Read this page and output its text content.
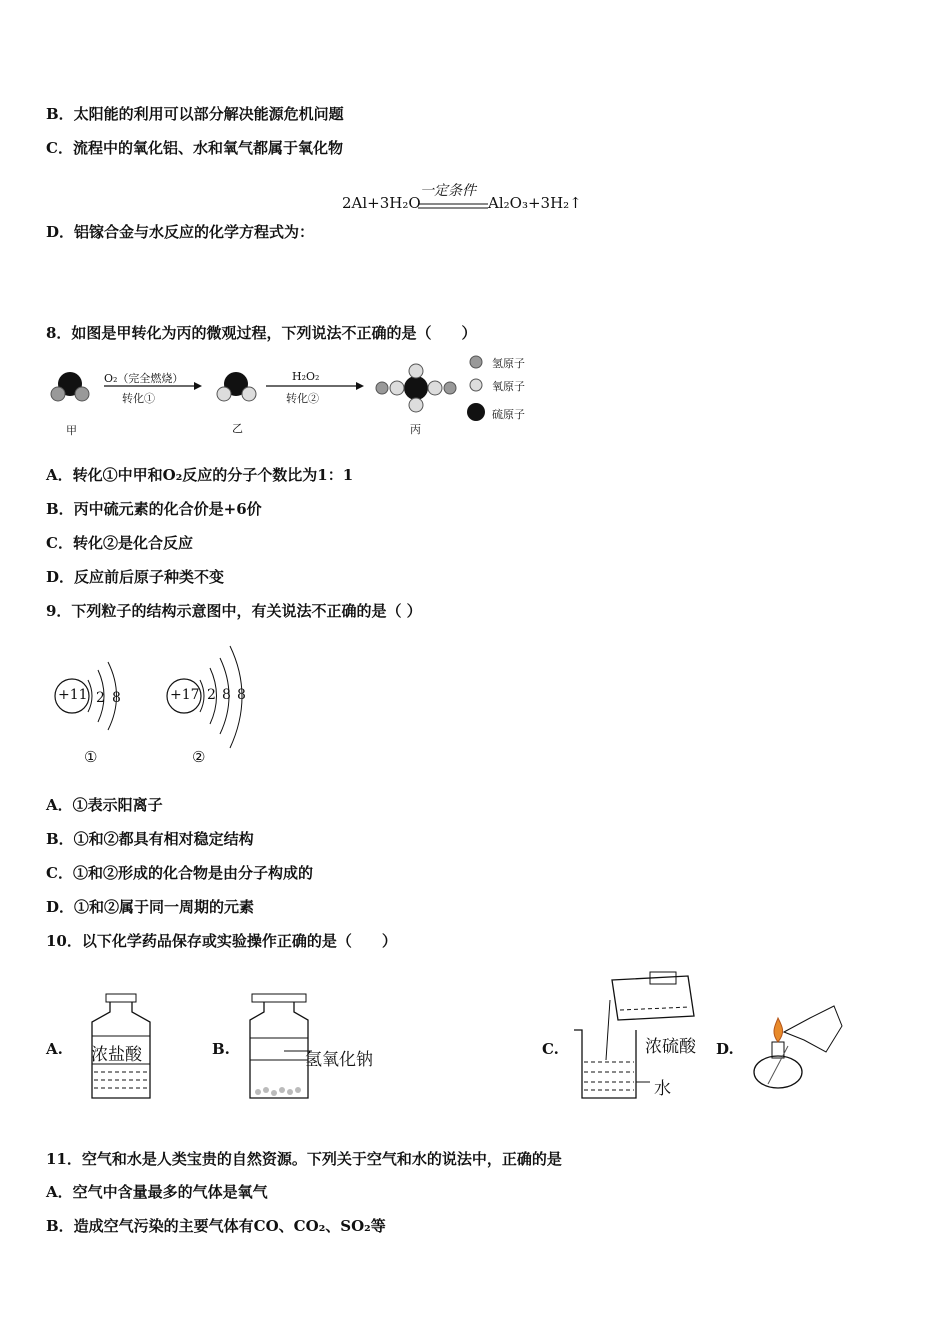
B．太阳能的利用可以部分解决能源危机问题
C．流程中的氧化铝、水和氧气都属于氧化物
2Al+3H₂O
一定条件
Al₂O₃+3H₂↑
D．铝镓合金与水反应的化学方程式为：
8．如图是甲转化为丙的微观过程，下列说法不正确的是（　　）
O₂（完全燃烧）
转化①
H₂O₂
转化②
甲	乙	丙
氢原子
氧原子
硫原子
A．转化①中甲和O₂反应的分子个数比为1：1
B．丙中硫元素的化合价是+6价
C．转化②是化合反应
D．反应前后原子种类不变
9．下列粒子的结构示意图中，有关说法不正确的是（ ）
+11 2 8	+17 2 8 8
①	②
A．①表示阳离子
B．①和②都具有相对稳定结构
C．①和②形成的化合物是由分子构成的
D．①和②属于同一周期的元素
10．以下化学药品保存或实验操作正确的是（　　）
A. 浓盐酸	B.
氢氧化钠
C.	浓硫酸
水
D.
11．空气和水是人类宝贵的自然资源。下列关于空气和水的说法中，正确的是
A．空气中含量最多的气体是氧气
B．造成空气污染的主要气体有CO、CO₂、SO₂等
